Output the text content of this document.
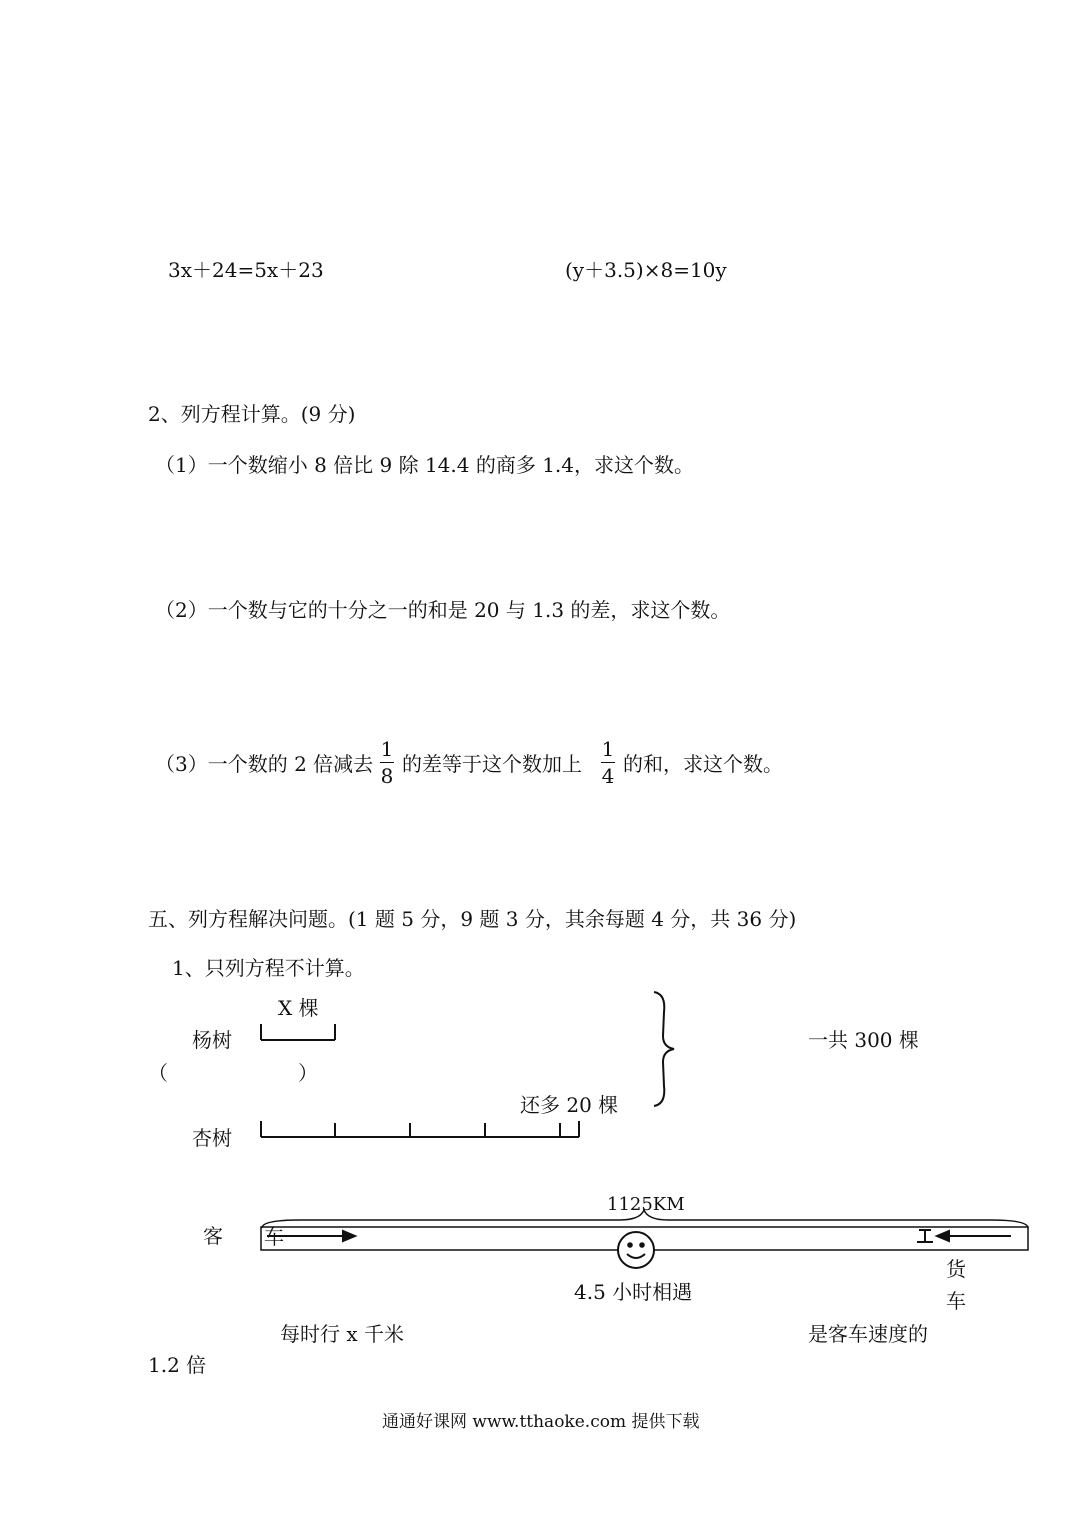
3x＋24=5x＋23	(y＋3.5)×8=10y
2、列方程计算。(9 分)
（1）一个数缩小 8 倍比 9 除 14.4 的商多 1.4，求这个数。
（2）一个数与它的十分之一的和是 20 与 1.3 的差，求这个数。
（3）一个数的 2 倍减去
1
8 的差等于这个数加上
1
4 的和，求这个数。
五、列方程解决问题。(1 题 5 分，9 题 3 分，其余每题 4 分，共 36 分)
1、只列方程不计算。
X 棵
杨树
（	）
还多 20 棵
杏树
一共 300 棵
1125KM
客 车
4.5 小时相遇
货
车
每时行 x 千米	是客车速度的
1.2 倍
通通好课网 www.tthaoke.com 提供下载
